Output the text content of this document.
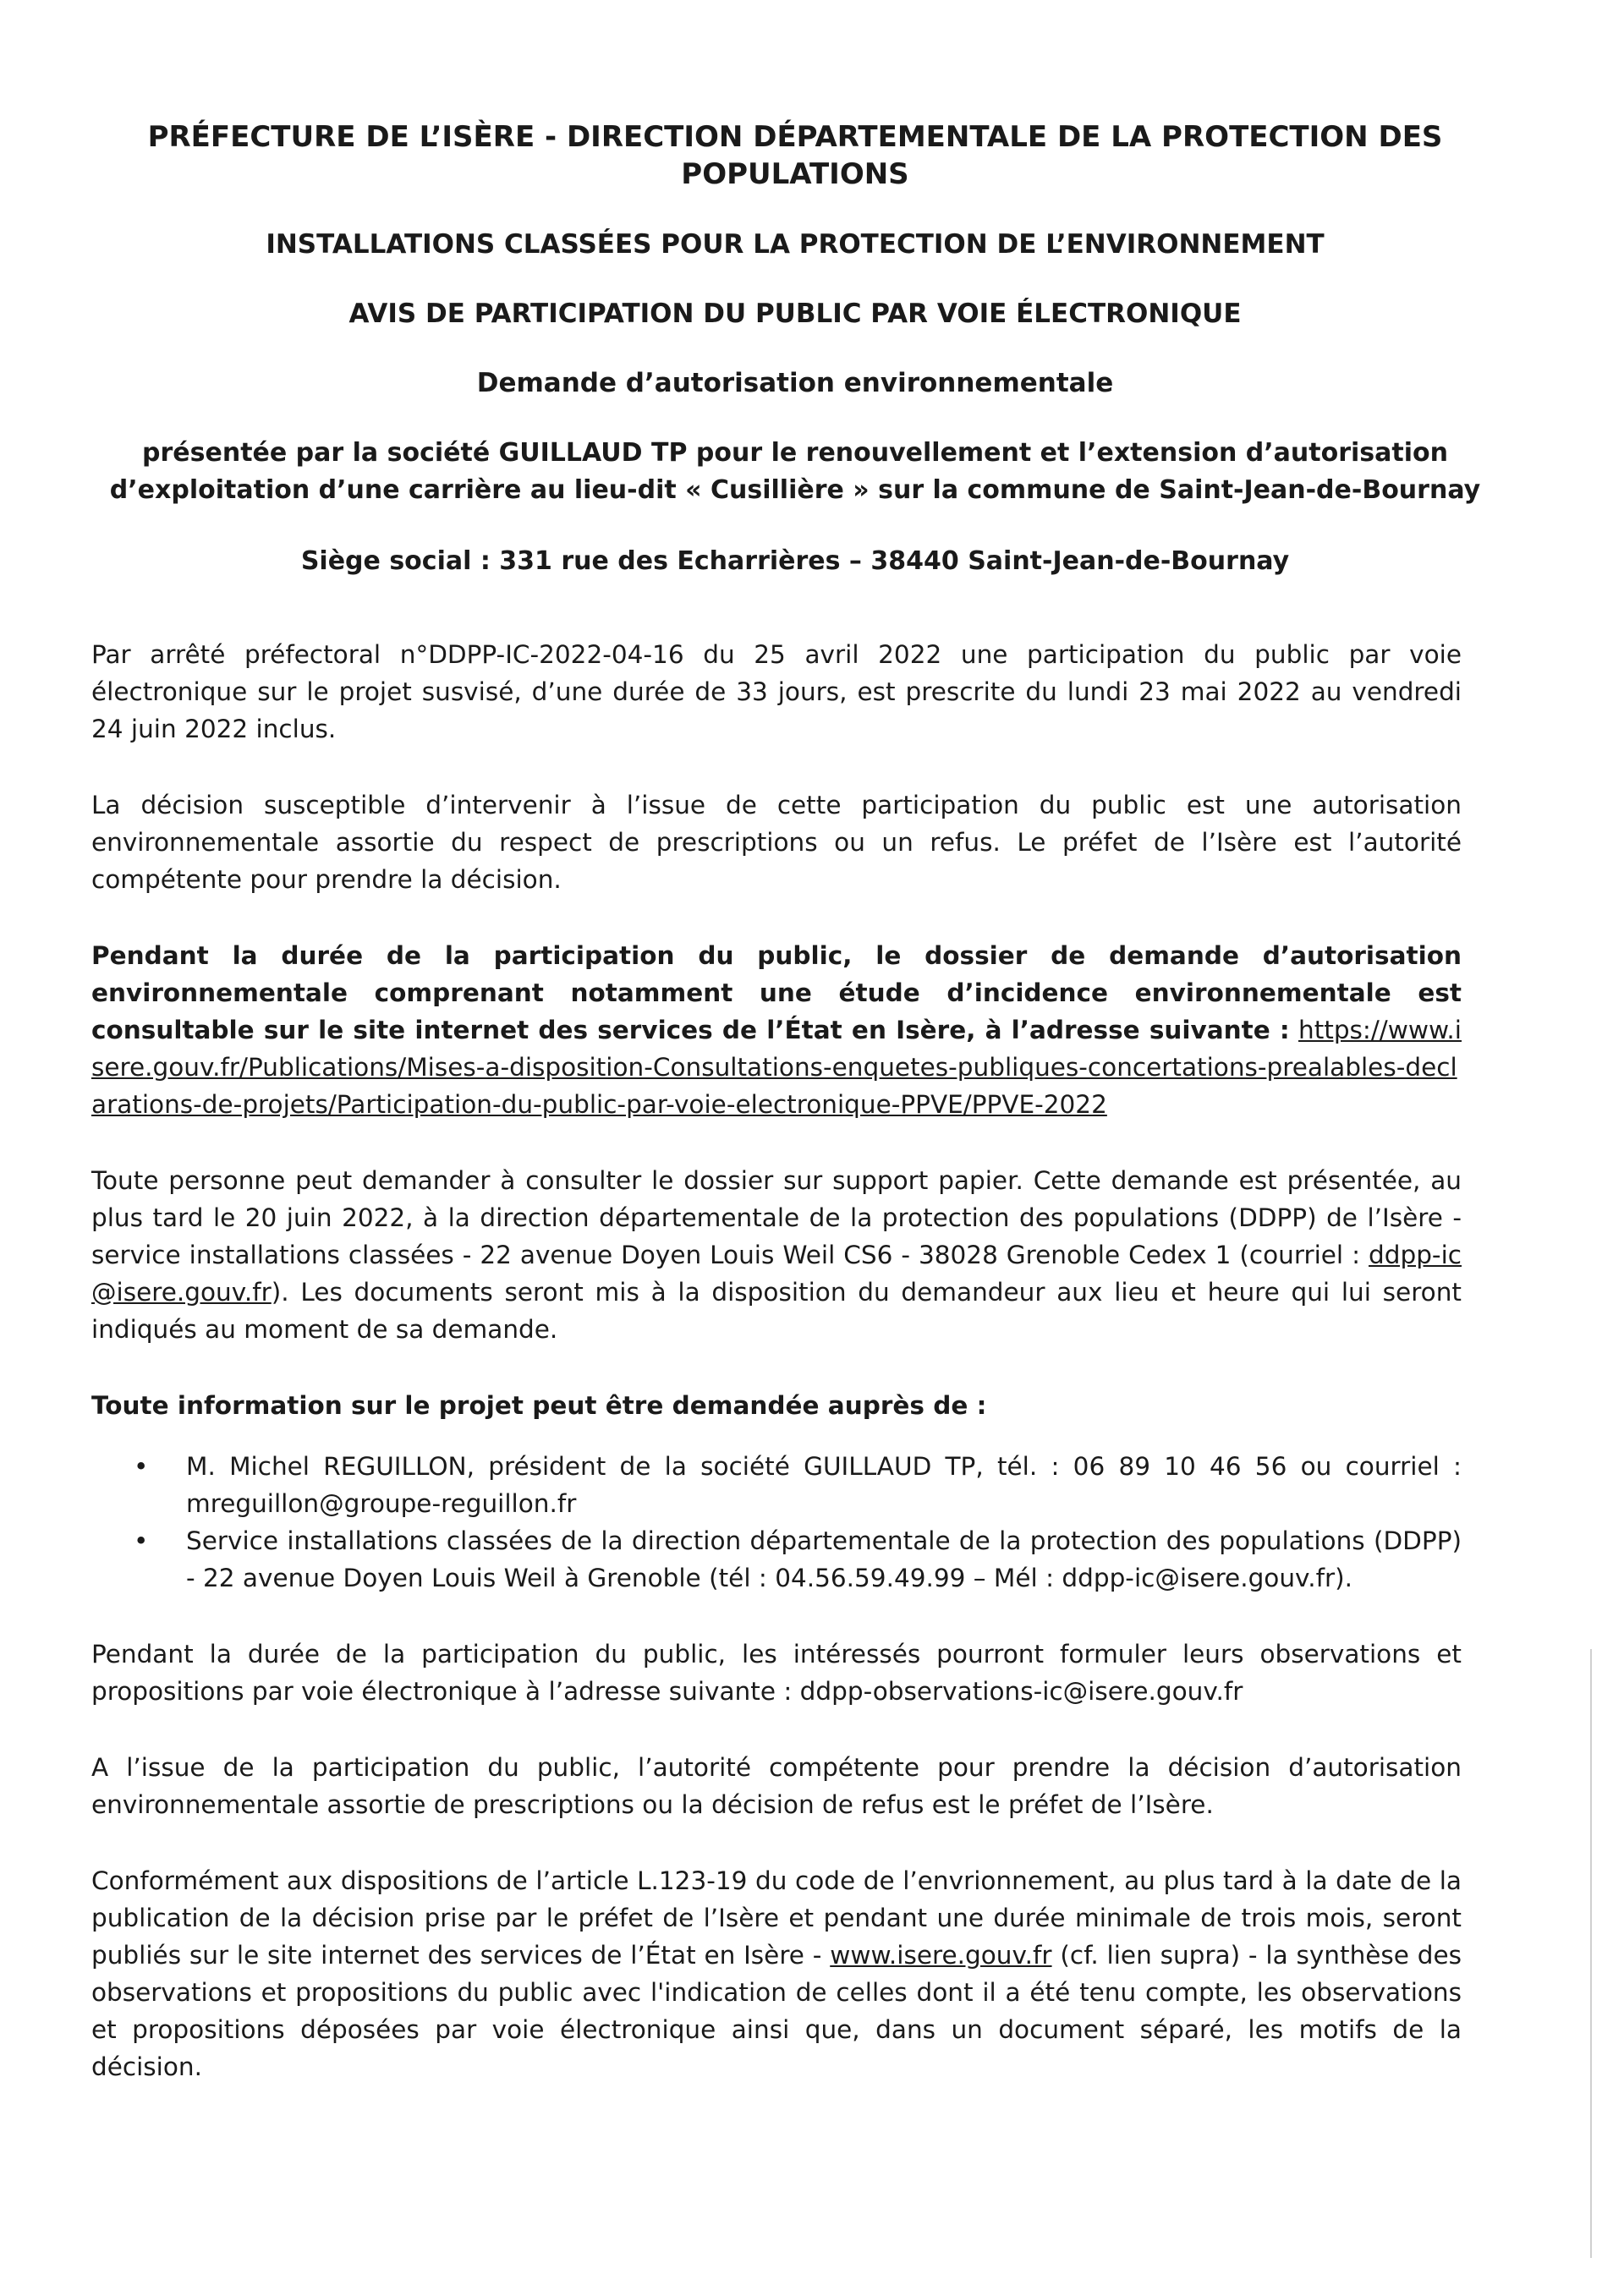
PRÉFECTURE DE L’ISÈRE - DIRECTION DÉPARTEMENTALE DE LA PROTECTION DES POPULATIONS

INSTALLATIONS CLASSÉES POUR LA PROTECTION DE L’ENVIRONNEMENT

AVIS DE PARTICIPATION DU PUBLIC PAR VOIE ÉLECTRONIQUE

Demande d’autorisation environnementale

présentée par la société GUILLAUD TP pour le renouvellement et l’extension d’autorisation d’exploitation d’une carrière au lieu-dit « Cusillière » sur la commune de Saint-Jean-de-Bournay

Siège social : 331 rue des Echarrières – 38440 Saint-Jean-de-Bournay

Par arrêté préfectoral n°DDPP-IC-2022-04-16 du 25 avril 2022 une participation du public par voie électronique sur le projet susvisé, d’une durée de 33 jours, est prescrite du lundi 23 mai 2022 au vendredi 24 juin 2022 inclus.

La décision susceptible d’intervenir à l’issue de cette participation du public est une autorisation environnementale assortie du respect de prescriptions ou un refus. Le préfet de l’Isère est l’autorité compétente pour prendre la décision.

Pendant la durée de la participation du public, le dossier de demande d’autorisation environnementale comprenant notamment une étude d’incidence environnementale est consultable sur le site internet des services de l’État en Isère, à l’adresse suivante : https://www.isere.gouv.fr/Publications/Mises-a-disposition-Consultations-enquetes-publiques-concertations-prealables-declarations-de-projets/Participation-du-public-par-voie-electronique-PPVE/PPVE-2022

Toute personne peut demander à consulter le dossier sur support papier. Cette demande est présentée, au plus tard le 20 juin 2022, à la direction départementale de la protection des populations (DDPP) de l’Isère - service installations classées - 22 avenue Doyen Louis Weil CS6 - 38028 Grenoble Cedex 1 (courriel : ddpp-ic@isere.gouv.fr). Les documents seront mis à la disposition du demandeur aux lieu et heure qui lui seront indiqués au moment de sa demande.

Toute information sur le projet peut être demandée auprès de :

• M. Michel REGUILLON, président de la société GUILLAUD TP, tél. : 06 89 10 46 56 ou courriel : mreguillon@groupe-reguillon.fr
• Service installations classées de la direction départementale de la protection des populations (DDPP) - 22 avenue Doyen Louis Weil à Grenoble (tél : 04.56.59.49.99 – Mél : ddpp-ic@isere.gouv.fr).

Pendant la durée de la participation du public, les intéressés pourront formuler leurs observations et propositions par voie électronique à l’adresse suivante : ddpp-observations-ic@isere.gouv.fr

A l’issue de la participation du public, l’autorité compétente pour prendre la décision d’autorisation environnementale assortie de prescriptions ou la décision de refus est le préfet de l’Isère.

Conformément aux dispositions de l’article L.123-19 du code de l’envrionnement, au plus tard à la date de la publication de la décision prise par le préfet de l’Isère et pendant une durée minimale de trois mois, seront publiés sur le site internet des services de l’État en Isère - www.isere.gouv.fr (cf. lien supra) - la synthèse des observations et propositions du public avec l'indication de celles dont il a été tenu compte, les observations et propositions déposées par voie électronique ainsi que, dans un document séparé, les motifs de la décision.
